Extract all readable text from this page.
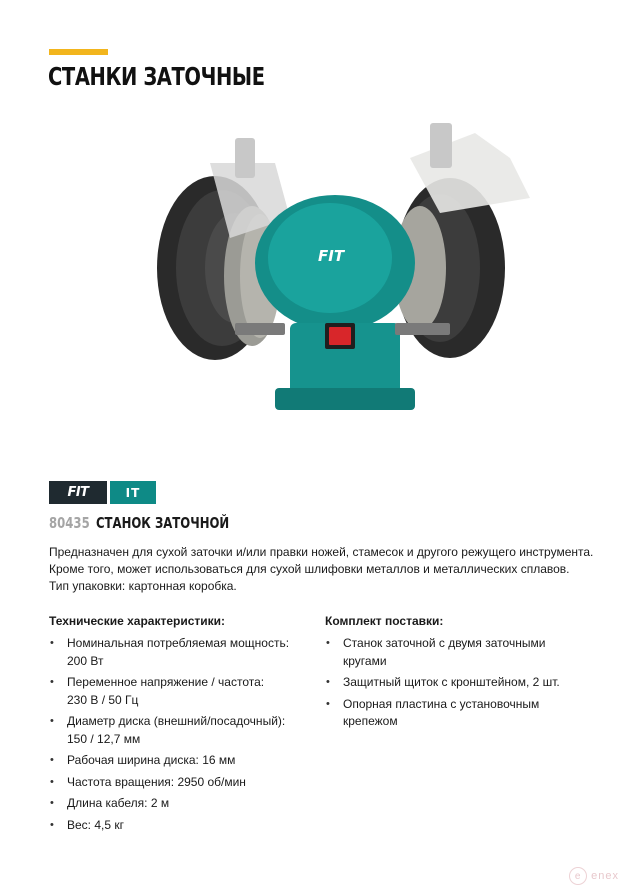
СТАНКИ ЗАТОЧНЫЕ
FIT
FIT	IT
80435 СТАНОК ЗАТОЧНОЙ

Предназначен для сухой заточки и/или правки ножей, стамесок и другого режущего инструмента.

Кроме того, может использоваться для сухой шлифовки металлов и металлических сплавов.

Тип упаковки: картонная коробка.

Технические характеристики:
• Номинальная потребляемая мощность: 200 Вт
• Переменное напряжение / частота:
230 В / 50 Гц
• Диаметр диска (внешний/посадочный):
150 / 12,7 мм
• Рабочая ширина диска: 16 мм
• Частота вращения: 2950 об/мин
• Длина кабеля: 2 м
• Вес: 4,5 кг
Комплект поставки:
• Станок заточной с двумя заточными
кругами
• Защитный щиток с кронштейном, 2 шт.
• Опорная пластина с установочным
крепежом
e enex
